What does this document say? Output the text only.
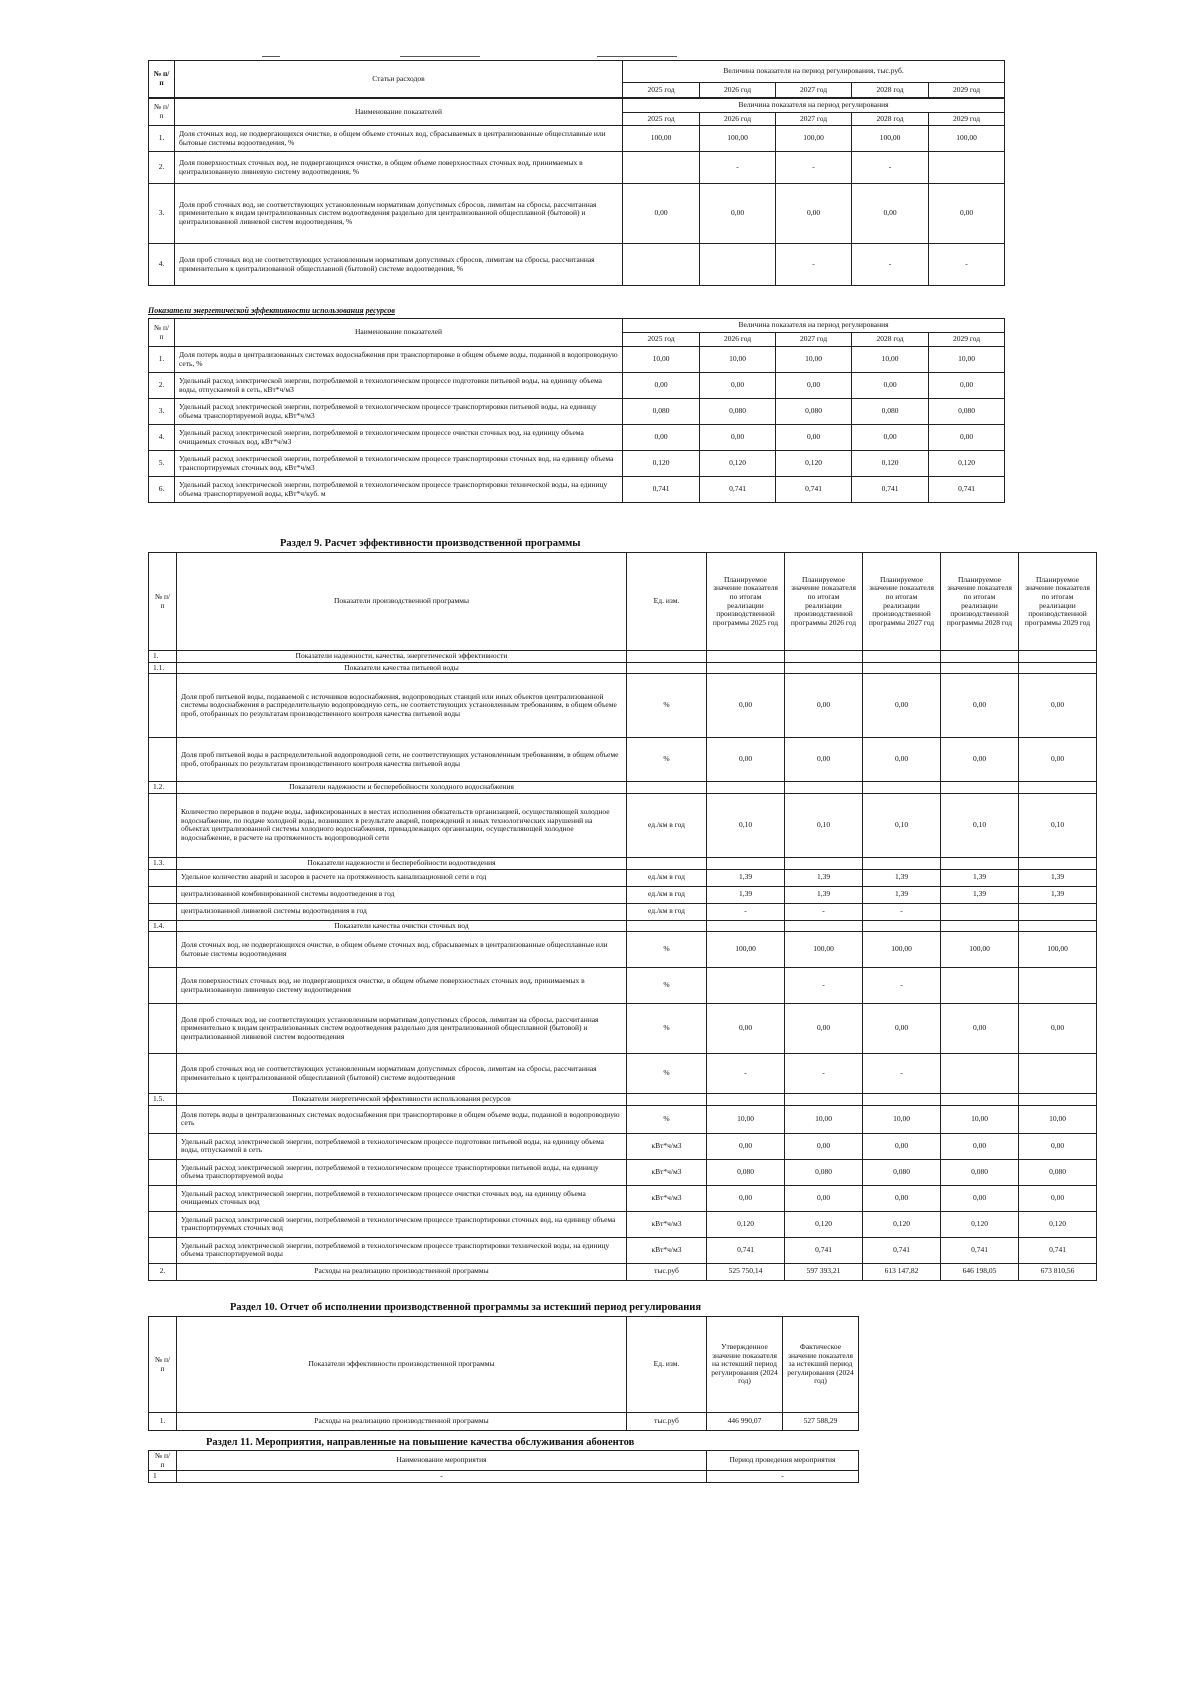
№ п/п	Статьи расходов	Величина показателя на период регулирования, тыс.руб.				
		2025 год	2026 год	2027 год	2028 год	2029 год
№ п/п	Наименование показателей	Величина показателя на период регулирования				
		2025 год	2026 год	2027 год	2028 год	2029 год
1.	Доля сточных вод, не подвергающихся очистке, в общем объеме сточных вод, сбрасываемых в централизованные общесплавные или бытовые системы водоотведения, %	100,00	100,00	100,00	100,00	100,00
2.	Доля поверхностных сточных вод, не подвергающихся очистке, в общем объеме поверхностных сточных вод, принимаемых в централизованную ливневую систему водоотведения, %		-	-	-	
3.	Доля проб сточных вод, не соответствующих установленным нормативам допустимых сбросов, лимитам на сбросы, рассчитанная применительно к видам централизованных систем водоотведения раздельно для централизованной общесплавной (бытовой) и централизованной ливневой систем водоотведения, %	0,00	0,00	0,00	0,00	0,00
4.	Доля проб сточных вод не соответствующих установленным нормативам допустимых сбросов, лимитам на сбросы, рассчитанная применительно к централизованной общесплавной (бытовой) системе водоотведения, %			-	-	-
Показатели энергетической эффективности использования ресурсов
№ п/п	Наименование показателей	Величина показателя на период регулирования				
		2025 год	2026 год	2027 год	2028 год	2029 год
1.	Доля потерь воды в централизованных системах водоснабжения при транспортировке в общем объеме воды, поданной в водопроводную сеть, %	10,00	10,00	10,00	10,00	10,00
2.	Удельный расход электрической энергии, потребляемой в технологическом процессе подготовки питьевой воды, на единицу объема воды, отпускаемой в сеть, кВт*ч/м3	0,00	0,00	0,00	0,00	0,00
3.	Удельный расход электрической энергии, потребляемой в технологическом процессе транспортировки питьевой воды, на единицу объема транспортируемой воды, кВт*ч/м3	0,080	0,080	0,080	0,080	0,080
4.	Удельный расход электрической энергии, потребляемой в технологическом процессе очистки сточных вод, на единицу объема очищаемых сточных вод, кВт*ч/м3	0,00	0,00	0,00	0,00	0,00
5.	Удельный расход электрической энергии, потребляемой в технологическом процессе транспортировки сточных вод, на единицу объема транспортируемых сточных вод, кВт*ч/м3	0,120	0,120	0,120	0,120	0,120
6.	Удельный расход электрической энергии, потребляемой в технологическом процессе транспортировки технической воды, на единицу объема транспортируемой воды, кВт*ч/куб. м	0,741	0,741	0,741	0,741	0,741
Раздел 9. Расчет эффективности производственной программы
№ п/п	Показатели производственной программы	Ед. изм.	Планируемое значение показателя по итогам реализации производственной программы 2025 год	Планируемое значение показателя по итогам реализации производственной программы 2026 год	Планируемое значение показателя по итогам реализации производственной программы 2027 год	Планируемое значение показателя по итогам реализации производственной программы 2028 год	Планируемое значение показателя по итогам реализации производственной программы 2029 год
1.	Показатели надежности, качества, энергетической эффективности						
1.1.	Показатели качества питьевой воды						
	Доля проб питьевой воды, подаваемой с источников водоснабжения, водопроводных станций или иных объектов централизованной системы водоснабжения в распределительную водопроводную сеть, не соответствующих установленным требованиям, в общем объеме проб, отобранных по результатам производственного контроля качества питьевой воды	%	0,00	0,00	0,00	0,00	0,00
	Доля проб питьевой воды в распределительной водопроводной сети, не соответствующих установленным требованиям, в общем объеме проб, отобранных по результатам производственного контроля качества питьевой воды	%	0,00	0,00	0,00	0,00	0,00
1.2.	Показатели надежности и бесперебойности холодного водоснабжения						
	Количество перерывов в подаче воды, зафиксированных в местах исполнения обязательств организацией, осуществляющей холодное водоснабжение, по подаче холодной воды, возникших в результате аварий, повреждений и иных технологических нарушений на объектах централизованной системы холодного водоснабжения, принадлежащих организации, осуществляющей холодное водоснабжение, в расчете на протяженность водопроводной сети	ед./км в год	0,10	0,10	0,10	0,10	0,10
1.3.	Показатели надежности и бесперебойности водоотведения						
	Удельное количество аварий и засоров в расчете на протяженность канализационной сети в год	ед./км в год	1,39	1,39	1,39	1,39	1,39
	централизованной комбинированной системы водоотведения в год	ед./км в год	1,39	1,39	1,39	1,39	1,39
	централизованной ливневой системы водоотведения в год	ед./км в год	-	-	-		
1.4.	Показатели качества очистки сточных вод						
	Доля сточных вод, не подвергающихся очистке, в общем объеме сточных вод, сбрасываемых в централизованные общесплавные или бытовые системы водоотведения	%	100,00	100,00	100,00	100,00	100,00
	Доля поверхностных сточных вод, не подвергающихся очистке, в общем объеме поверхностных сточных вод, принимаемых в централизованную ливневую систему водоотведения	%		-	-		
	Доля проб сточных вод, не соответствующих установленным нормативам допустимых сбросов, лимитам на сбросы, рассчитанная применительно к видам централизованных систем водоотведения раздельно для централизованной общесплавной (бытовой) и централизованной ливневой систем водоотведения	%	0,00	0,00	0,00	0,00	0,00
	Доля проб сточных вод не соответствующих установленным нормативам допустимых сбросов, лимитам на сбросы, рассчитанная применительно к централизованной общесплавной (бытовой) системе водоотведения	%	-	-	-		
1.5.	Показатели энергетической эффективности использования ресурсов						
	Доля потерь воды в централизованных системах водоснабжения при транспортировке в общем объеме воды, поданной в водопроводную сеть	%	10,00	10,00	10,00	10,00	10,00
	Удельный расход электрической энергии, потребляемой в технологическом процессе подготовки питьевой воды, на единицу объема воды, отпускаемой в сеть	кВт*ч/м3	0,00	0,00	0,00	0,00	0,00
	Удельный расход электрической энергии, потребляемой в технологическом процессе транспортировки питьевой воды, на единицу объема транспортируемой воды	кВт*ч/м3	0,080	0,080	0,080	0,080	0,080
	Удельный расход электрической энергии, потребляемой в технологическом процессе очистки сточных вод, на единицу объема очищаемых сточных вод	кВт*ч/м3	0,00	0,00	0,00	0,00	0,00
	Удельный расход электрической энергии, потребляемой в технологическом процессе транспортировки сточных вод, на единицу объема транспортируемых сточных вод	кВт*ч/м3	0,120	0,120	0,120	0,120	0,120
	Удельный расход электрической энергии, потребляемой в технологическом процессе транспортировки технической воды, на единицу объема транспортируемой воды	кВт*ч/м3	0,741	0,741	0,741	0,741	0,741
2.	Расходы на реализацию производственной программы	тыс.руб	525 750,14	597 393,21	613 147,82	646 198,05	673 810,56
Раздел 10. Отчет об исполнении производственной программы за истекший период регулирования
№ п/п	Показатели эффективности производственной программы	Ед. изм.	Утвержденное значение показателя на истекший период регулирования (2024 год)	Фактическое значение показателя за истекший период регулирования (2024 год)
1.	Расходы на реализацию производственной программы	тыс.руб	446 990,07	527 588,29
Раздел 11. Мероприятия, направленные на повышение качества обслуживания абонентов
№ п/п	Наименование мероприятия	Период проведения мероприятия
1	-	-
